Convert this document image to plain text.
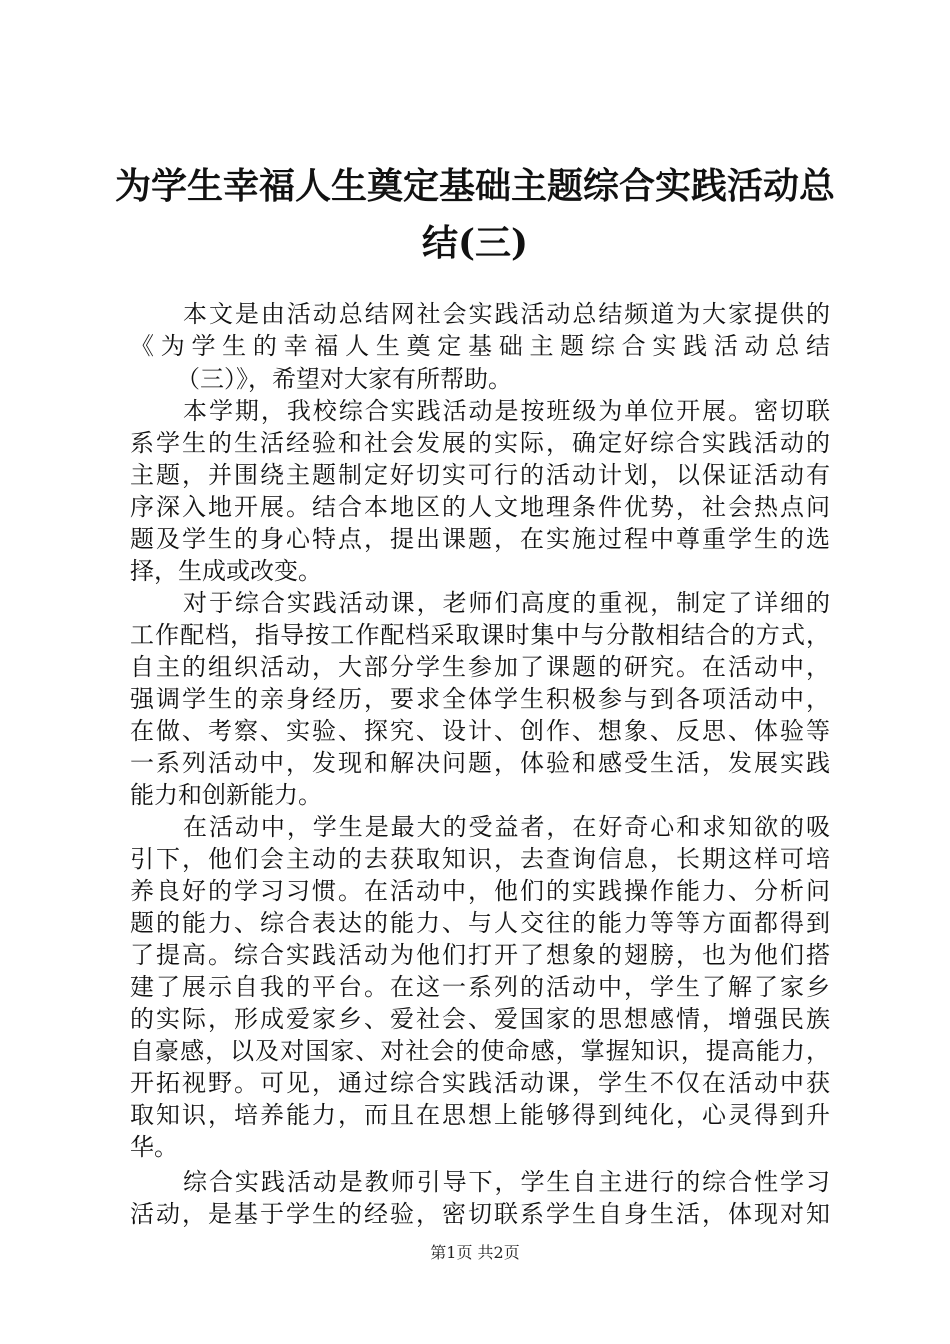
为学生幸福人生奠定基础主题综合实践活动总
结(三)
本文是由活动总结网社会实践活动总结频道为大家提供的
《为学生的幸福人生奠定基础主题综合实践活动总结
（三）》，希望对大家有所帮助。
本学期，我校综合实践活动是按班级为单位开展。密切联
系学生的生活经验和社会发展的实际，确定好综合实践活动的
主题，并围绕主题制定好切实可行的活动计划，以保证活动有
序深入地开展。结合本地区的人文地理条件优势，社会热点问
题及学生的身心特点，提出课题，在实施过程中尊重学生的选
择，生成或改变。
对于综合实践活动课，老师们高度的重视，制定了详细的
工作配档，指导按工作配档采取课时集中与分散相结合的方式，
自主的组织活动，大部分学生参加了课题的研究。在活动中，
强调学生的亲身经历，要求全体学生积极参与到各项活动中，
在做、考察、实验、探究、设计、创作、想象、反思、体验等
一系列活动中，发现和解决问题，体验和感受生活，发展实践
能力和创新能力。
在活动中，学生是最大的受益者，在好奇心和求知欲的吸
引下，他们会主动的去获取知识，去查询信息，长期这样可培
养良好的学习习惯。在活动中，他们的实践操作能力、分析问
题的能力、综合表达的能力、与人交往的能力等等方面都得到
了提高。综合实践活动为他们打开了想象的翅膀，也为他们搭
建了展示自我的平台。在这一系列的活动中，学生了解了家乡
的实际，形成爱家乡、爱社会、爱国家的思想感情，增强民族
自豪感，以及对国家、对社会的使命感，掌握知识，提高能力，
开拓视野。可见，通过综合实践活动课，学生不仅在活动中获
取知识，培养能力，而且在思想上能够得到纯化，心灵得到升
华。
综合实践活动是教师引导下，学生自主进行的综合性学习
活动，是基于学生的经验，密切联系学生自身生活，体现对知
第1页 共2页
